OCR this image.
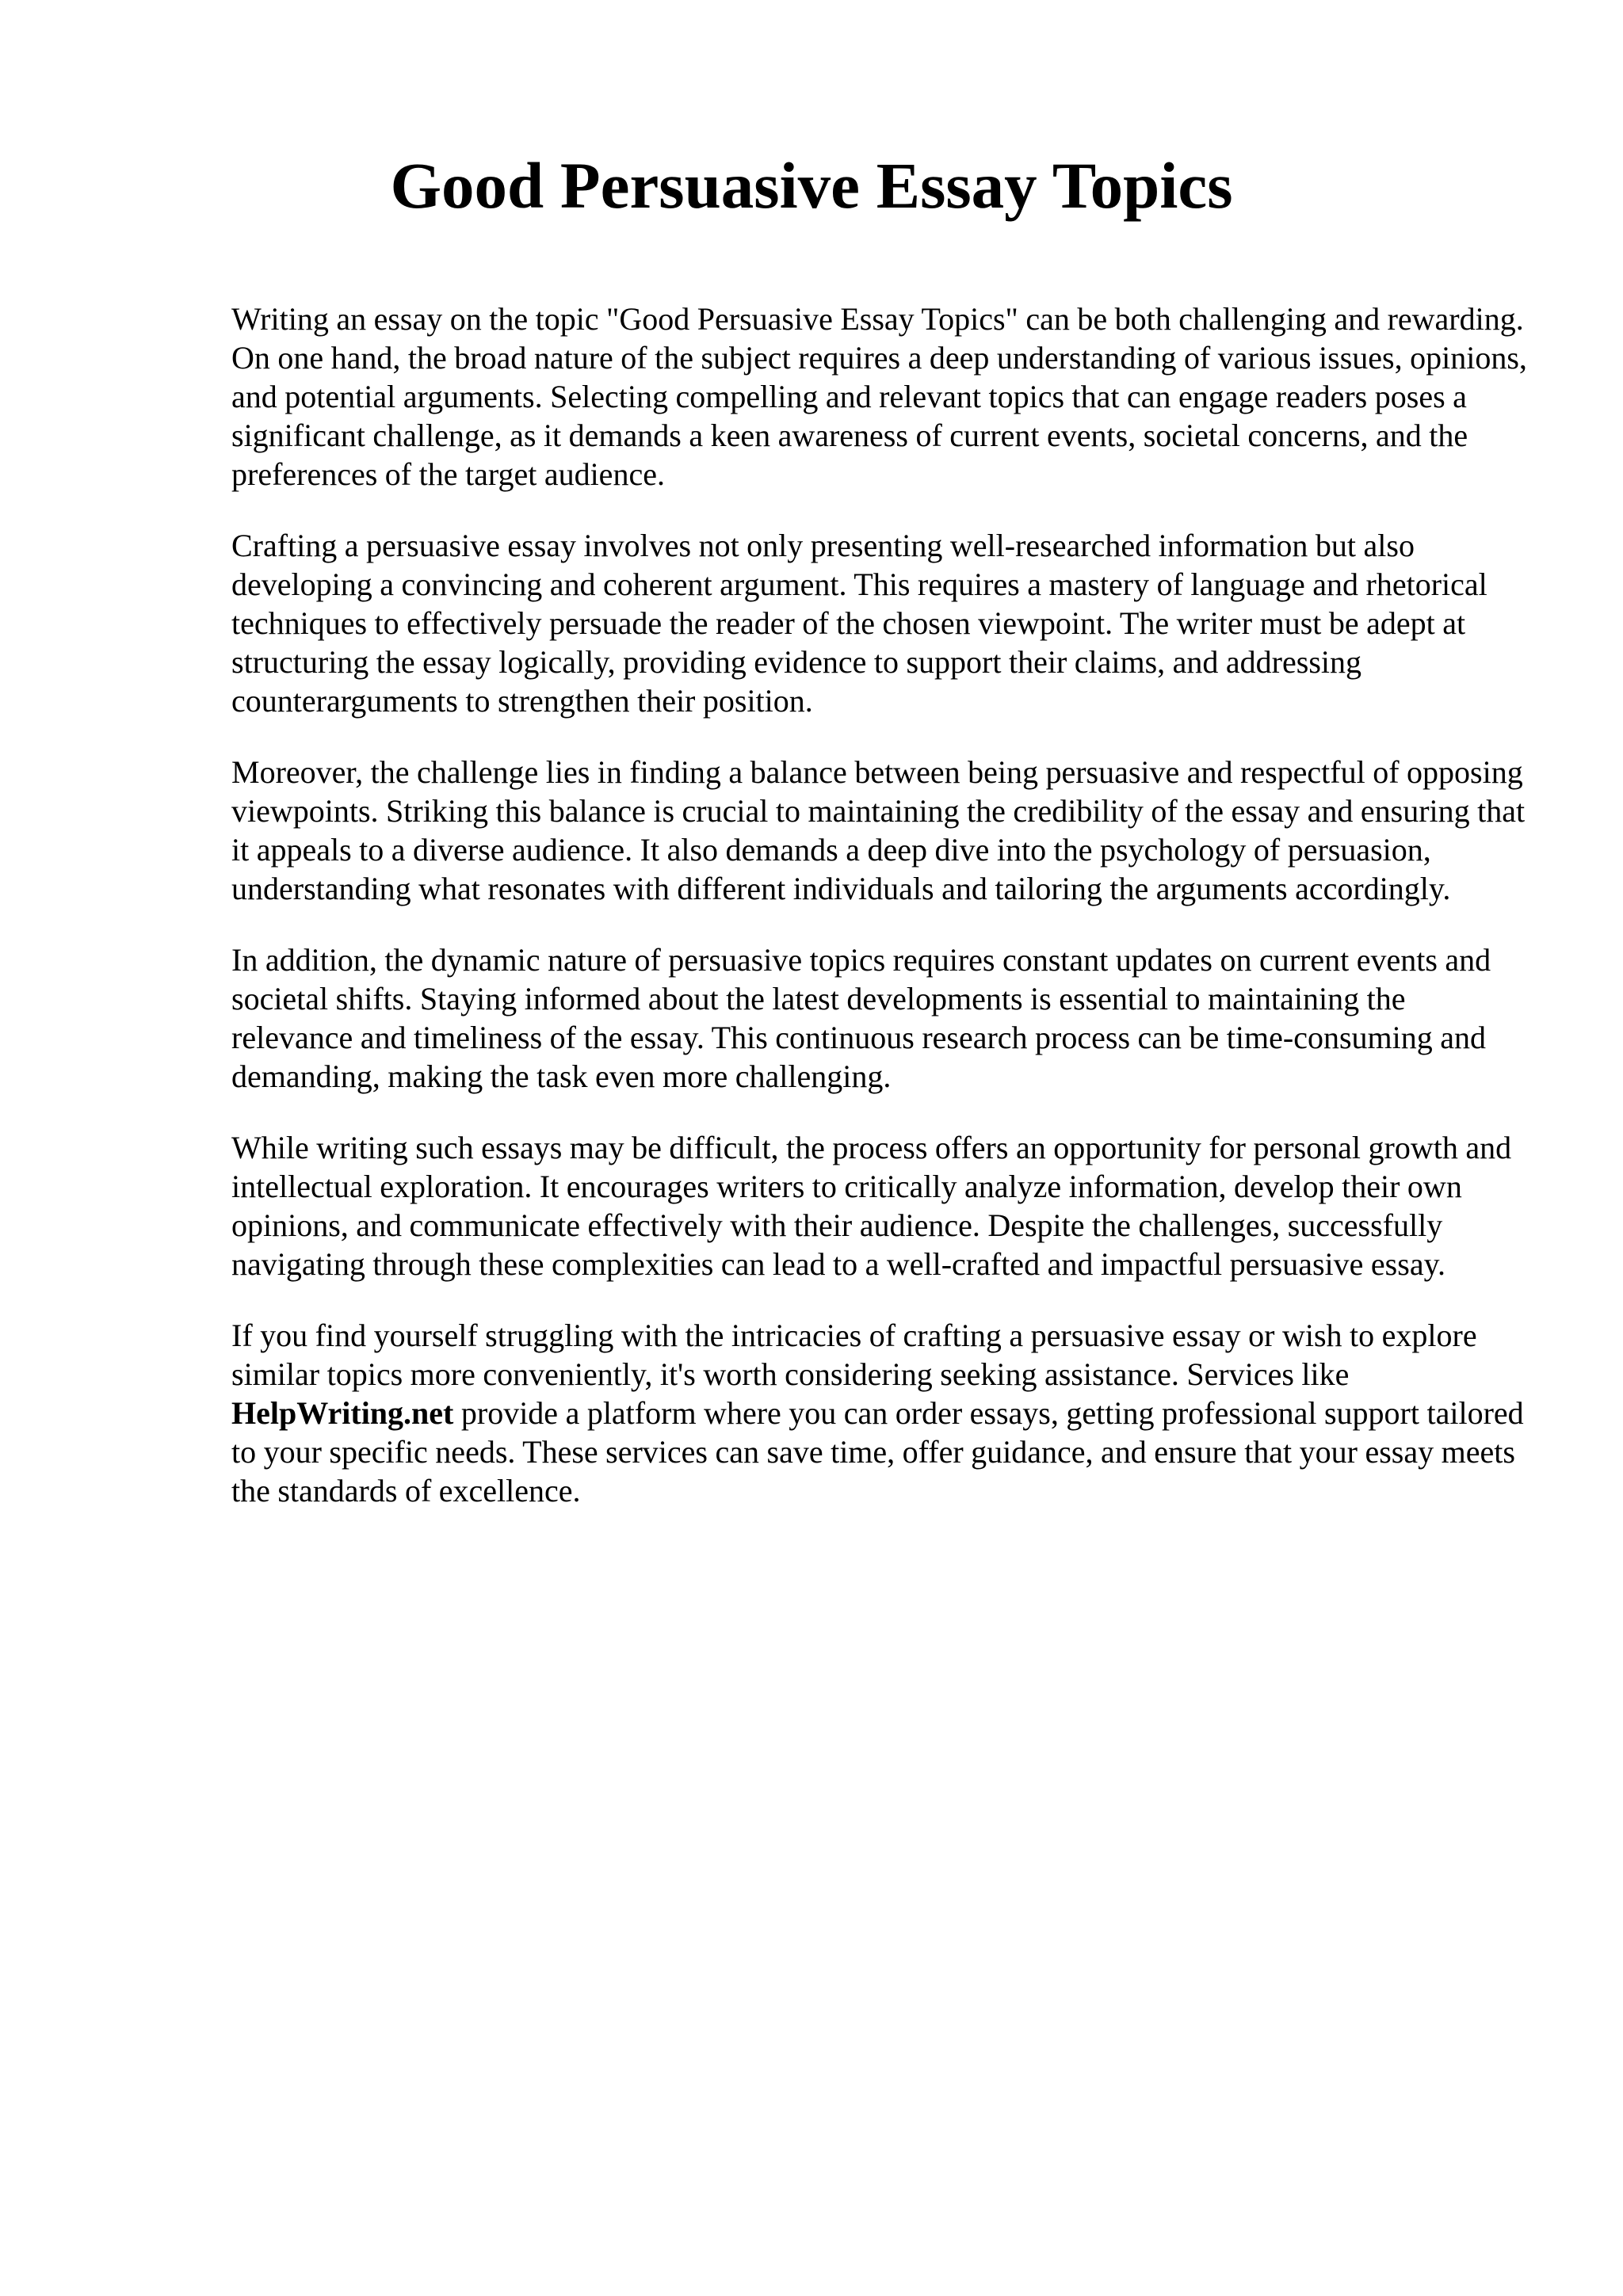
Good Persuasive Essay Topics

Writing an essay on the topic "Good Persuasive Essay Topics" can be both challenging and rewarding. On one hand, the broad nature of the subject requires a deep understanding of various issues, opinions, and potential arguments. Selecting compelling and relevant topics that can engage readers poses a significant challenge, as it demands a keen awareness of current events, societal concerns, and the preferences of the target audience.

Crafting a persuasive essay involves not only presenting well-researched information but also developing a convincing and coherent argument. This requires a mastery of language and rhetorical techniques to effectively persuade the reader of the chosen viewpoint. The writer must be adept at structuring the essay logically, providing evidence to support their claims, and addressing counterarguments to strengthen their position.

Moreover, the challenge lies in finding a balance between being persuasive and respectful of opposing viewpoints. Striking this balance is crucial to maintaining the credibility of the essay and ensuring that it appeals to a diverse audience. It also demands a deep dive into the psychology of persuasion, understanding what resonates with different individuals and tailoring the arguments accordingly.

In addition, the dynamic nature of persuasive topics requires constant updates on current events and societal shifts. Staying informed about the latest developments is essential to maintaining the relevance and timeliness of the essay. This continuous research process can be time-consuming and demanding, making the task even more challenging.

While writing such essays may be difficult, the process offers an opportunity for personal growth and intellectual exploration. It encourages writers to critically analyze information, develop their own opinions, and communicate effectively with their audience. Despite the challenges, successfully navigating through these complexities can lead to a well-crafted and impactful persuasive essay.

If you find yourself struggling with the intricacies of crafting a persuasive essay or wish to explore similar topics more conveniently, it's worth considering seeking assistance. Services like HelpWriting.net provide a platform where you can order essays, getting professional support tailored to your specific needs. These services can save time, offer guidance, and ensure that your essay meets the standards of excellence.
